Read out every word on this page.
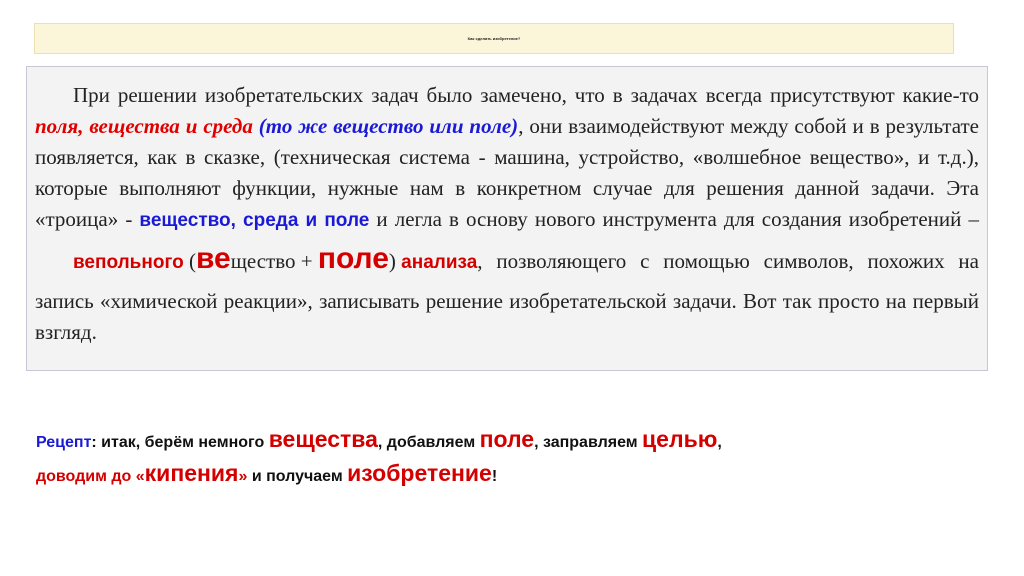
Как сделать изобретение?

При решении изобретательских задач было замечено, что в задачах всегда присутствуют какие-то поля, вещества и среда (то же вещество или поле), они взаимодействуют между собой и в результате появляется, как в сказке, (техническая система - машина, устройство, «волшебное вещество», и т.д.), которые выполняют функции, нужные нам в конкретном случае для решения данной задачи. Эта «троица» - вещество, среда и поле и легла в основу нового инструмента для создания изобретений – вепольного (вещество + поле) анализа, позволяющего с помощью символов, похожих на запись «химической реакции», записывать решение изобретательской задачи. Вот так просто на первый взгляд.

Рецепт: итак, берём немного вещества, добавляем поле, заправляем целью,
доводим до «кипения» и получаем изобретение!
